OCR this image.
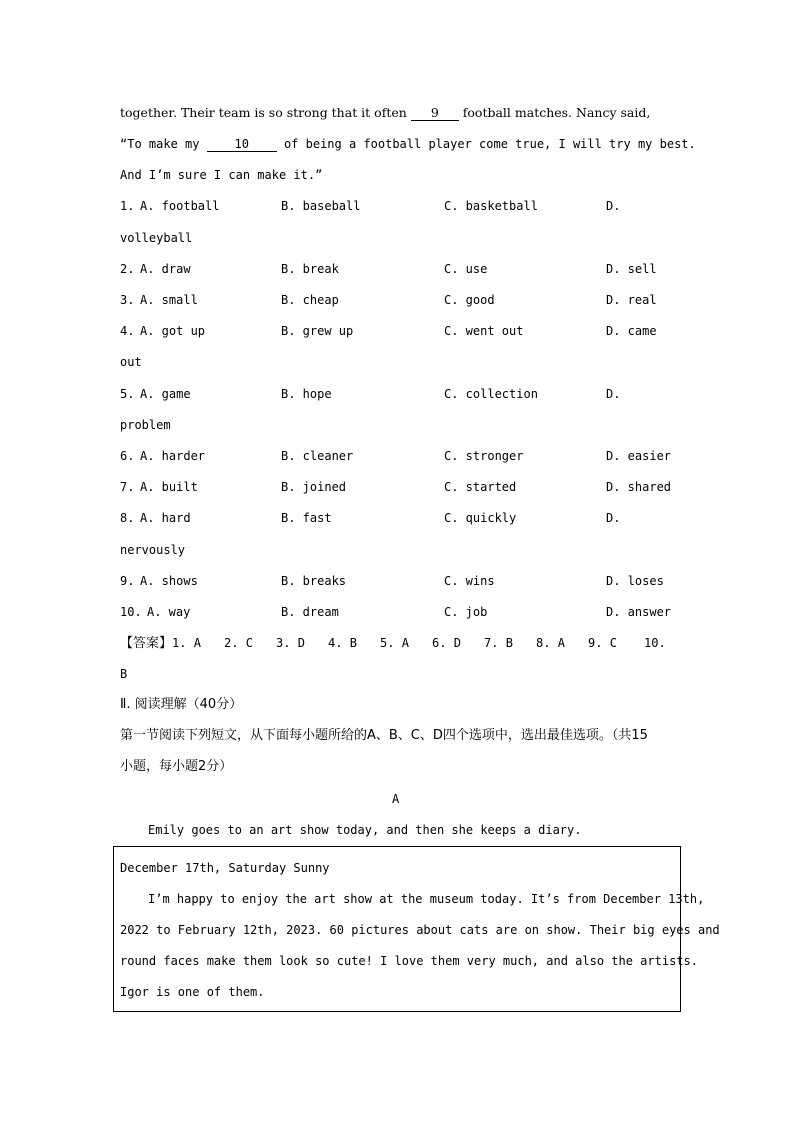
together. Their team is so strong that it often 9 football matches. Nancy said,
“To make my	10	of being a football player come true, I will try my best.
And I’m sure I can make it.”
1. A. football	B. baseball	C. basketball	D.
volleyball
2. A. draw	B. break	C. use	D. sell
3. A. small	B. cheap	C. good	D. real
4. A. got up	B. grew up	C. went out	D. came
out
5. A. game	B. hope	C. collection	D.
problem
6. A. harder	B. cleaner	C. stronger	D. easier
7. A. built	B. joined	C. started	D. shared
8. A. hard	B. fast	C. quickly	D.
nervously
9. A. shows	B. breaks	C. wins	D. loses
10. A. way	B. dream	C. job	D. answer
【答案】1. A 2. C 3. D 4. B 5. A 6. D 7. B 8. A 9. C 10.
B
Ⅱ. 阅读理解（40分）
第一节阅读下列短文，从下面每小题所给的A、B、C、D四个选项中，选出最佳选项。（共15
小题，每小题2分）
A
Emily goes to an art show today, and then she keeps a diary.
December 17th, Saturday Sunny
I’m happy to enjoy the art show at the museum today. It’s from December 13th,
2022 to February 12th, 2023. 60 pictures about cats are on show. Their big eyes and
round faces make them look so cute! I love them very much, and also the artists.
Igor is one of them.
